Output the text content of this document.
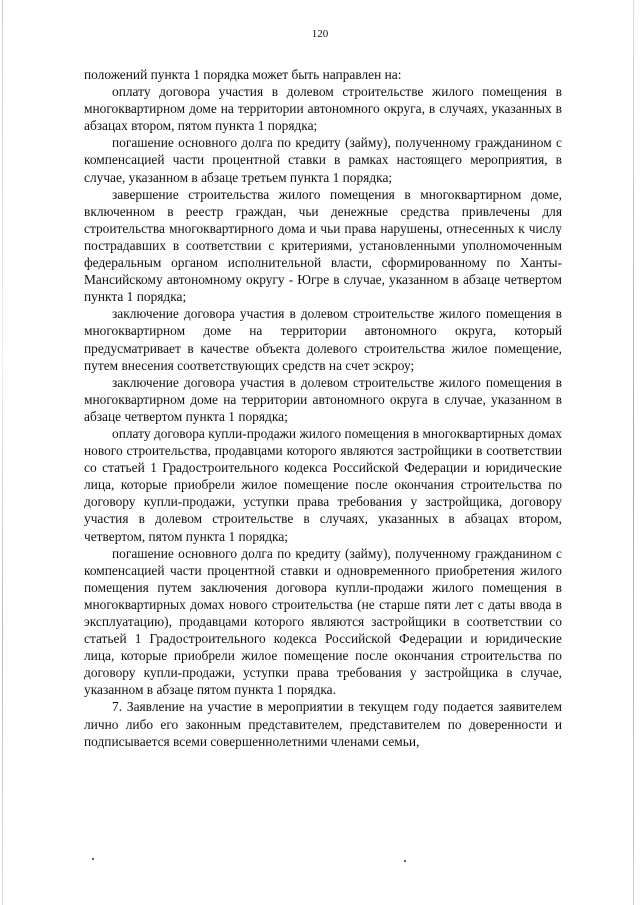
120

положений пункта 1 порядка может быть направлен на:

оплату договора участия в долевом строительстве жилого помещения в многоквартирном доме на территории автономного округа, в случаях, указанных в абзацах втором, пятом пункта 1 порядка;

погашение основного долга по кредиту (займу), полученному гражданином с компенсацией части процентной ставки в рамках настоящего мероприятия, в случае, указанном в абзаце третьем пункта 1 порядка;

завершение строительства жилого помещения в многоквартирном доме, включенном в реестр граждан, чьи денежные средства привлечены для строительства многоквартирного дома и чьи права нарушены, отнесенных к числу пострадавших в соответствии с критериями, установленными уполномоченным федеральным органом исполнительной власти, сформированному по Ханты-Мансийскому автономному округу - Югре в случае, указанном в абзаце четвертом пункта 1 порядка;

заключение договора участия в долевом строительстве жилого помещения в многоквартирном доме на территории автономного округа, который предусматривает в качестве объекта долевого строительства жилое помещение, путем внесения соответствующих средств на счет эскроу;

заключение договора участия в долевом строительстве жилого помещения в многоквартирном доме на территории автономного округа в случае, указанном в абзаце четвертом пункта 1 порядка;

оплату договора купли-продажи жилого помещения в многоквартирных домах нового строительства, продавцами которого являются застройщики в соответствии со статьей 1 Градостроительного кодекса Российской Федерации и юридические лица, которые приобрели жилое помещение после окончания строительства по договору купли-продажи, уступки права требования у застройщика, договору участия в долевом строительстве в случаях, указанных в абзацах втором, четвертом, пятом пункта 1 порядка;

погашение основного долга по кредиту (займу), полученному гражданином с компенсацией части процентной ставки и одновременного приобретения жилого помещения путем заключения договора купли-продажи жилого помещения в многоквартирных домах нового строительства (не старше пяти лет с даты ввода в эксплуатацию), продавцами которого являются застройщики в соответствии со статьей 1 Градостроительного кодекса Российской Федерации и юридические лица, которые приобрели жилое помещение после окончания строительства по договору купли-продажи, уступки права требования у застройщика в случае, указанном в абзаце пятом пункта 1 порядка.

7. Заявление на участие в мероприятии в текущем году подается заявителем лично либо его законным представителем, представителем по доверенности и подписывается всеми совершеннолетними членами семьи,
